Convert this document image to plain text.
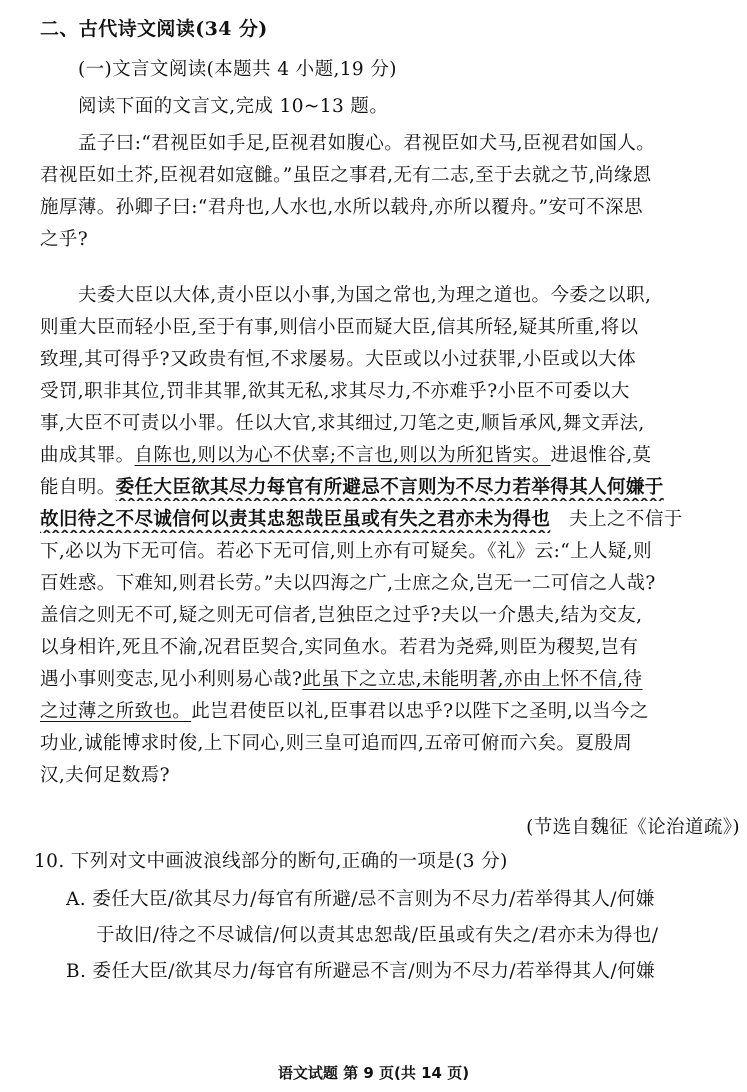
二、古代诗文阅读(34 分)
(一)文言文阅读(本题共 4 小题,19 分)
阅读下面的文言文,完成 10~13 题。
孟子曰:“君视臣如手足,臣视君如腹心。君视臣如犬马,臣视君如国人。
君视臣如土芥,臣视君如寇雠。”虽臣之事君,无有二志,至于去就之节,尚缘恩
施厚薄。孙卿子曰:“君舟也,人水也,水所以载舟,亦所以覆舟。”安可不深思
之乎?
夫委大臣以大体,责小臣以小事,为国之常也,为理之道也。今委之以职,
则重大臣而轻小臣,至于有事,则信小臣而疑大臣,信其所轻,疑其所重,将以
致理,其可得乎?又政贵有恒,不求屡易。大臣或以小过获罪,小臣或以大体
受罚,职非其位,罚非其罪,欲其无私,求其尽力,不亦难乎?小臣不可委以大
事,大臣不可责以小罪。任以大官,求其细过,刀笔之吏,顺旨承风,舞文弄法,
曲成其罪。自陈也,则以为心不伏辜;不言也,则以为所犯皆实。进退惟谷,莫
能自明。委任大臣欲其尽力每官有所避忌不言则为不尽力若举得其人何嫌于
故旧待之不尽诚信何以责其忠恕哉臣虽或有失之君亦未为得也  夫上之不信于
下,必以为下无可信。若必下无可信,则上亦有可疑矣。《礼》云:“上人疑,则
百姓惑。下难知,则君长劳。”夫以四海之广,士庶之众,岂无一二可信之人哉?
盖信之则无不可,疑之则无可信者,岂独臣之过乎?夫以一介愚夫,结为交友,
以身相许,死且不渝,况君臣契合,实同鱼水。若君为尧舜,则臣为稷契,岂有
遇小事则变志,见小利则易心哉?此虽下之立忠,未能明著,亦由上怀不信,待
之过薄之所致也。此岂君使臣以礼,臣事君以忠乎?以陛下之圣明,以当今之
功业,诚能博求时俊,上下同心,则三皇可追而四,五帝可俯而六矣。夏殷周
汉,夫何足数焉?
(节选自魏征《论治道疏》)
10. 下列对文中画波浪线部分的断句,正确的一项是(3 分)
A. 委任大臣/欲其尽力/每官有所避/忌不言则为不尽力/若举得其人/何嫌
于故旧/待之不尽诚信/何以责其忠恕哉/臣虽或有失之/君亦未为得也/
B. 委任大臣/欲其尽力/每官有所避忌不言/则为不尽力/若举得其人/何嫌
语文试题 第 9 页(共 14 页)
